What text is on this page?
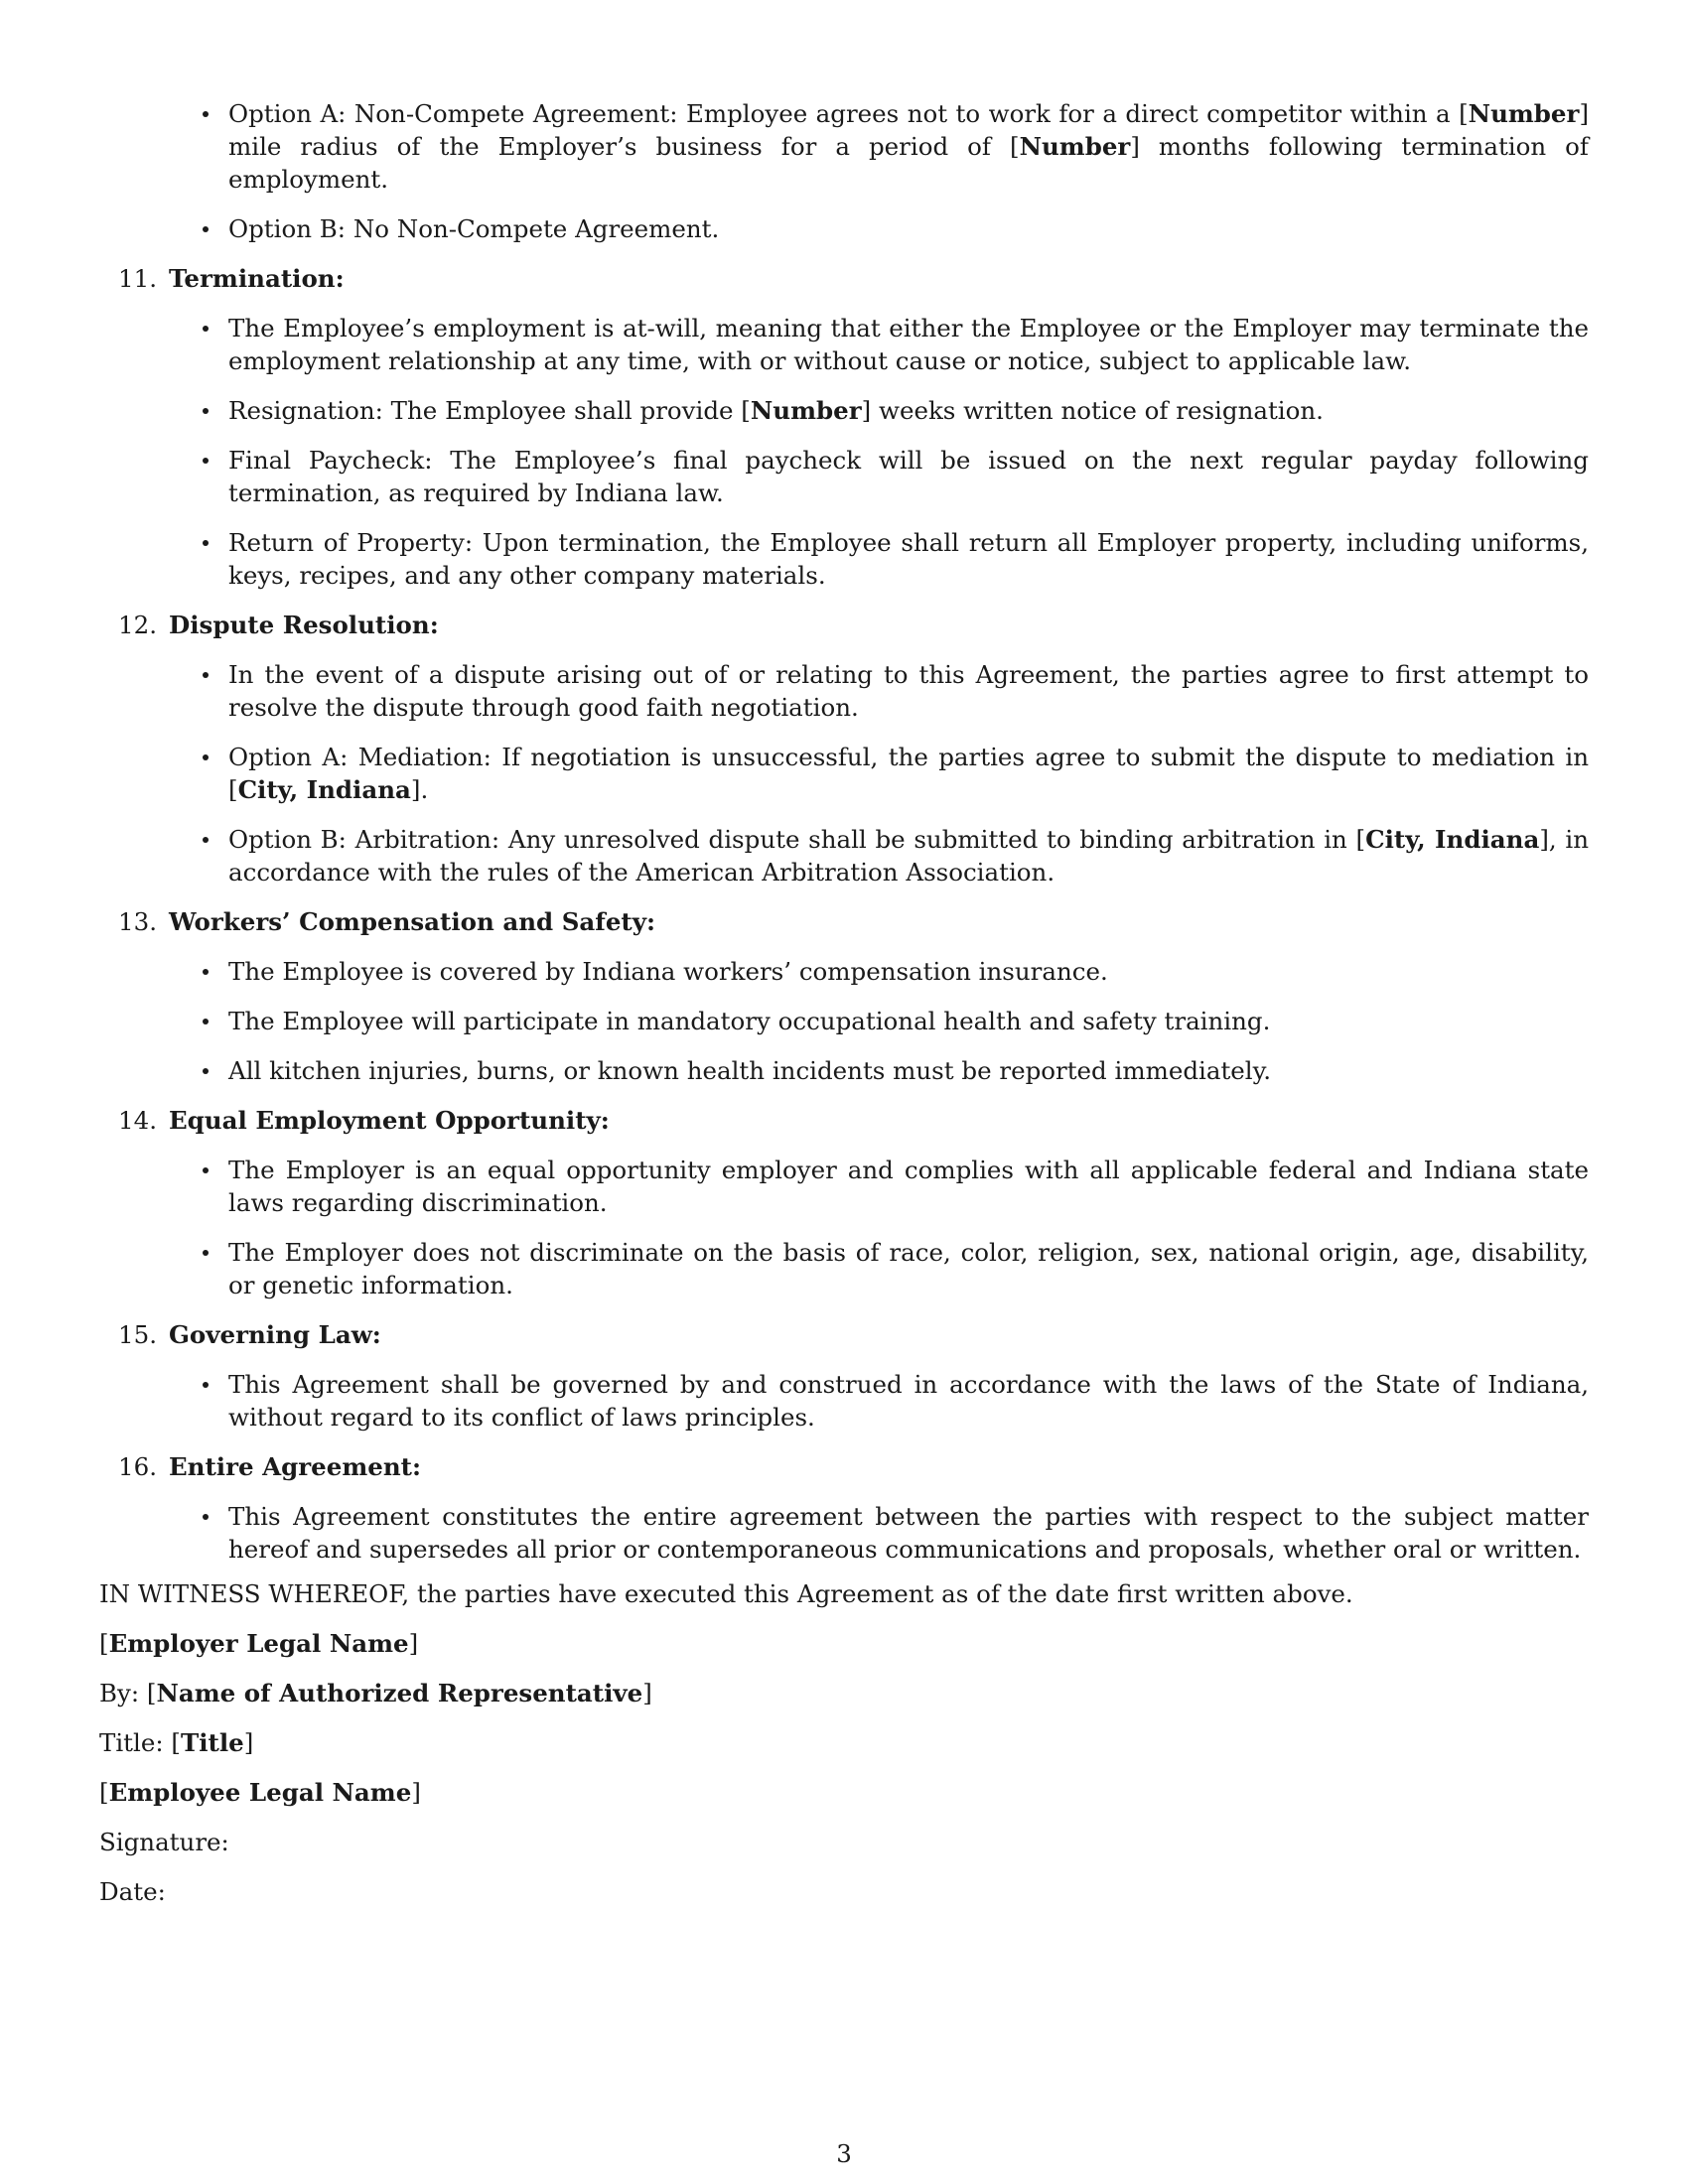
Option A: Non-Compete Agreement: Employee agrees not to work for a direct competitor within a [Number] mile radius of the Employer’s business for a period of [Number] months following termination of employment.
Option B: No Non-Compete Agreement.
11. Termination:
The Employee’s employment is at-will, meaning that either the Employee or the Employer may terminate the employment relationship at any time, with or without cause or notice, subject to applicable law.
Resignation: The Employee shall provide [Number] weeks written notice of resignation.
Final Paycheck: The Employee’s final paycheck will be issued on the next regular payday following termination, as required by Indiana law.
Return of Property: Upon termination, the Employee shall return all Employer property, including uniforms, keys, recipes, and any other company materials.
12. Dispute Resolution:
In the event of a dispute arising out of or relating to this Agreement, the parties agree to first attempt to resolve the dispute through good faith negotiation.
Option A: Mediation: If negotiation is unsuccessful, the parties agree to submit the dispute to mediation in [City, Indiana].
Option B: Arbitration: Any unresolved dispute shall be submitted to binding arbitration in [City, Indiana], in accordance with the rules of the American Arbitration Association.
13. Workers’ Compensation and Safety:
The Employee is covered by Indiana workers’ compensation insurance.
The Employee will participate in mandatory occupational health and safety training.
All kitchen injuries, burns, or known health incidents must be reported immediately.
14. Equal Employment Opportunity:
The Employer is an equal opportunity employer and complies with all applicable federal and Indiana state laws regarding discrimination.
The Employer does not discriminate on the basis of race, color, religion, sex, national origin, age, disability, or genetic information.
15. Governing Law:
This Agreement shall be governed by and construed in accordance with the laws of the State of Indiana, without regard to its conflict of laws principles.
16. Entire Agreement:
This Agreement constitutes the entire agreement between the parties with respect to the subject matter hereof and supersedes all prior or contemporaneous communications and proposals, whether oral or written.
IN WITNESS WHEREOF, the parties have executed this Agreement as of the date first written above.
[Employer Legal Name]
By: [Name of Authorized Representative]
Title: [Title]
[Employee Legal Name]
Signature:
Date:
3
